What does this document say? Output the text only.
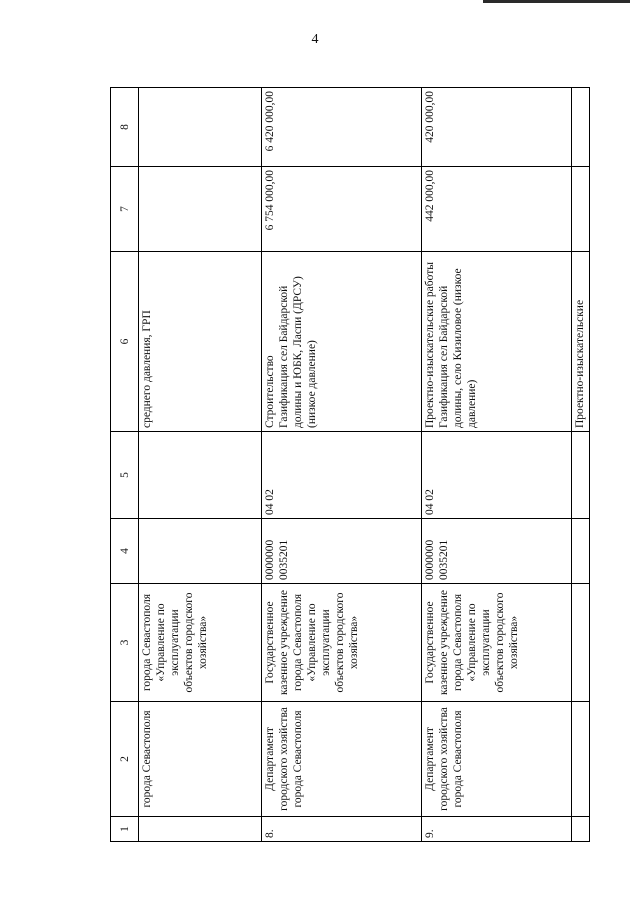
4
1	2	3	4	5	6	7	8
	города Севастополя	города Севастополя «Управление по эксплуатации объектов городского хозяйства»			среднего давления, ГРП		
8.	Департамент городского хозяйства города Севастополя	Государственное казенное учреждение города Севастополя «Управление по эксплуатации объектов городского хозяйства»	0000000 0035201	04 02	Строительство Газификация сел Байдарской долины и ЮБК, Ласпи (ДРСУ) (низкое давление)	6 754 000,00	6 420 000,00
9.	Департамент городского хозяйства города Севастополя	Государственное казенное учреждение города Севастополя «Управление по эксплуатации объектов городского хозяйства»	0000000 0035201	04 02	Проектно-изыскательские работы Газификация сел Байдарской долины, село Кизиловое (низкое давление)	442 000,00	420 000,00
					Проектно-изыскательские		
